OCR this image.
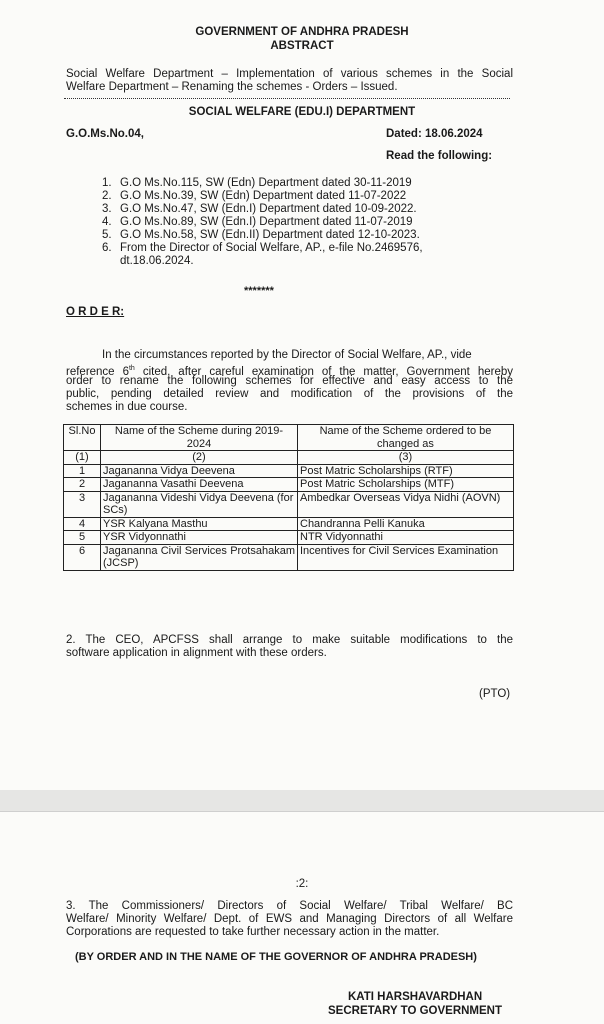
GOVERNMENT OF ANDHRA PRADESH
ABSTRACT
Social Welfare Department – Implementation of various schemes in the Social
Welfare Department – Renaming the schemes - Orders – Issued.
SOCIAL WELFARE (EDU.I) DEPARTMENT
G.O.Ms.No.04,	Dated: 18.06.2024
Read the following:
1. G.O Ms.No.115, SW (Edn) Department dated 30-11-2019
2. G.O Ms.No.39, SW (Edn) Department dated 11-07-2022
3. G.O Ms.No.47, SW (Edn.I) Department dated 10-09-2022.
4. G.O Ms.No.89, SW (Edn.I) Department dated 11-07-2019
5. G.O Ms.No.58, SW (Edn.II) Department dated 12-10-2023.
6. From the Director of Social Welfare, AP., e-file No.2469576,
dt.18.06.2024.
*******
O R D E R:
In the circumstances reported by the Director of Social Welfare, AP., vide
reference 6th cited, after careful examination of the matter, Government hereby
order to rename the following schemes for effective and easy access to the
public, pending detailed review and modification of the provisions of the
schemes in due course.
Sl.No	Name of the Scheme during 2019-2024	Name of the Scheme ordered to be changed as
(1)	(2)	(3)
1	Jagananna Vidya Deevena	Post Matric Scholarships (RTF)
2	Jagananna Vasathi Deevena	Post Matric Scholarships (MTF)
3	Jagananna Videshi Vidya Deevena (for SCs)	Ambedkar Overseas Vidya Nidhi (AOVN)
4	YSR Kalyana Masthu	Chandranna Pelli Kanuka
5	YSR Vidyonnathi	NTR Vidyonnathi
6	Jagananna Civil Services Protsahakam (JCSP)	Incentives for Civil Services Examination
2. The CEO, APCFSS shall arrange to make suitable modifications to the
software application in alignment with these orders.
(PTO)
:2:
3. The Commissioners/ Directors of Social Welfare/ Tribal Welfare/ BC
Welfare/ Minority Welfare/ Dept. of EWS and Managing Directors of all Welfare
Corporations are requested to take further necessary action in the matter.
(BY ORDER AND IN THE NAME OF THE GOVERNOR OF ANDHRA PRADESH)
KATI HARSHAVARDHAN
SECRETARY TO GOVERNMENT
